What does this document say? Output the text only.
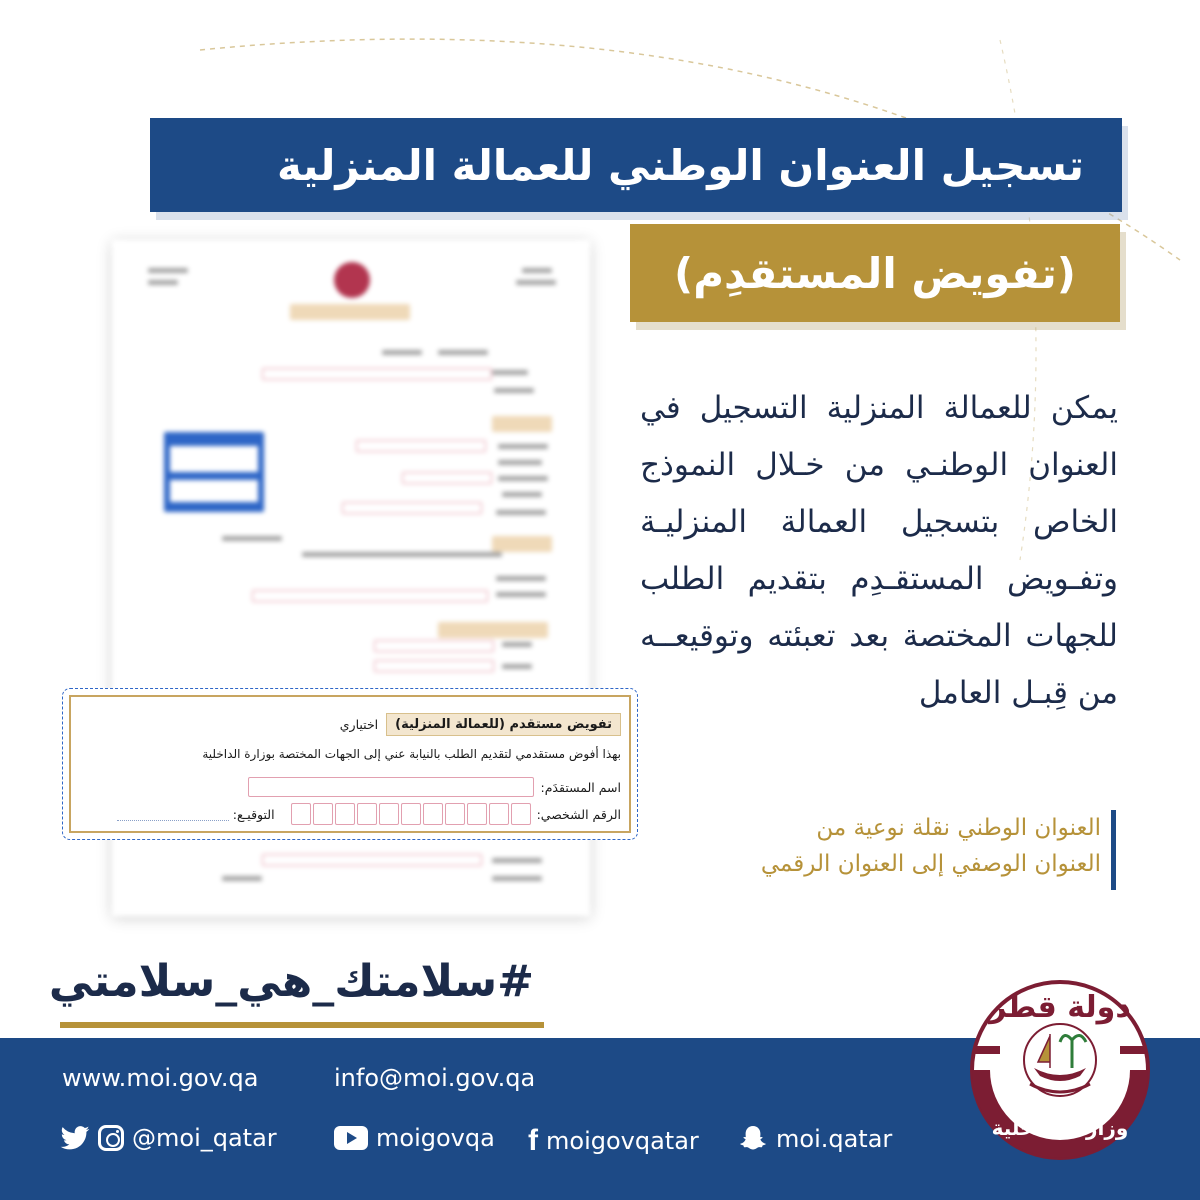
تسجيل العنوان الوطني للعمالة المنزلية
(تفويض المستقدِم)
تفويض مستقدم (للعمالة المنزلية)
اختياري
بهذا أفوض مستقدمي لتقديم الطلب بالنيابة عني إلى الجهات المختصة بوزارة الداخلية
اسم المستقدَم:
الرقم الشخصي:
التوقيـع:
يمكن للعمالة المنزلية التسجيل في العنوان الوطنـي من خـلال النموذج الخاص بتسجيل العمالة المنزليـة وتفـويض المستقـدِم بتقديم الطلب للجهات المختصة بعد تعبئته وتوقيعــه من قِبـل العامل
العنوان الوطني نقلة نوعية من
العنوان الوصفي إلى العنوان الرقمي
#سلامتك_هي_سلامتي
www.moi.gov.qa	info@moi.gov.qa
@moi_qatar	moigovqa f moigovqatar	moi.qatar
دولة قطر
وزارة الداخلية
